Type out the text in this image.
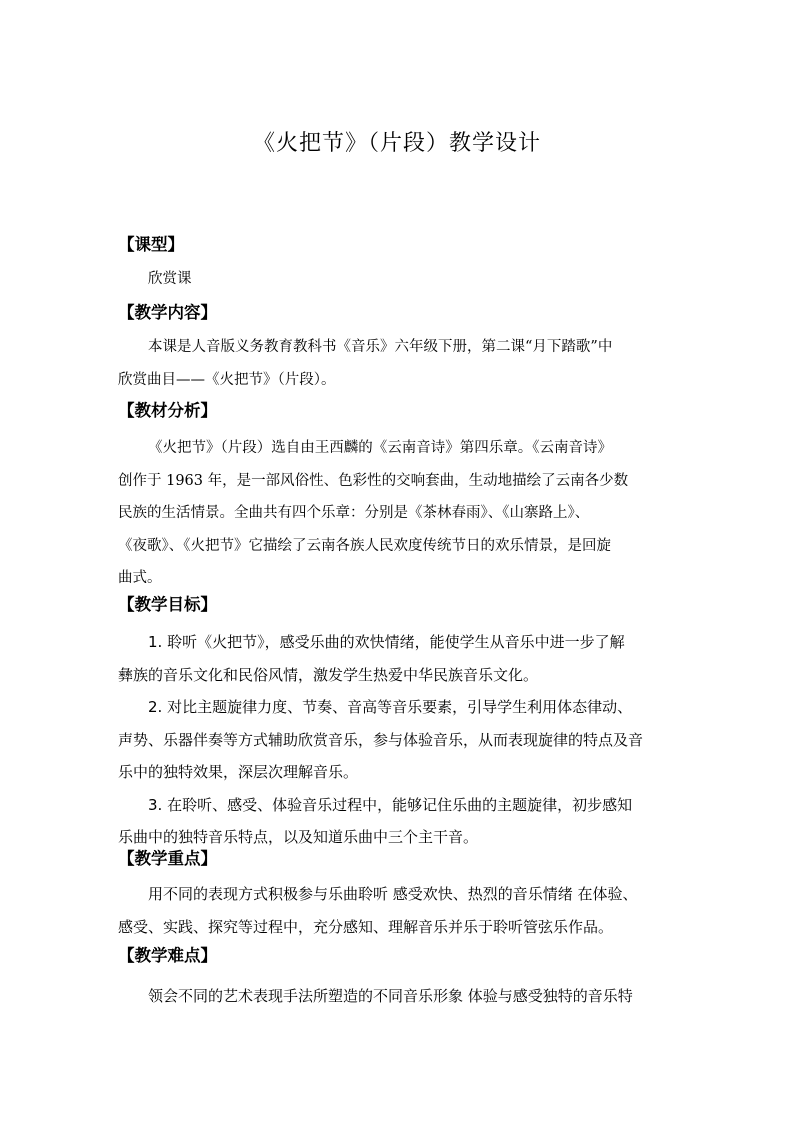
《火把节》（片段）教学设计
【课型】
欣赏课
【教学内容】
本课是人音版义务教育教科书《音乐》六年级下册，第二课“月下踏歌”中
欣赏曲目——《火把节》（片段）。
【教材分析】
《火把节》（片段）选自由王西麟的《云南音诗》第四乐章。《云南音诗》
创作于 1963 年，是一部风俗性、色彩性的交响套曲，生动地描绘了云南各少数
民族的生活情景。全曲共有四个乐章：分别是《茶林春雨》、《山寨路上》、
《夜歌》、《火把节》它描绘了云南各族人民欢度传统节日的欢乐情景，是回旋
曲式。
【教学目标】
1. 聆听《火把节》，感受乐曲的欢快情绪，能使学生从音乐中进一步了解
彝族的音乐文化和民俗风情，激发学生热爱中华民族音乐文化。
2. 对比主题旋律力度、节奏、音高等音乐要素，引导学生利用体态律动、
声势、乐器伴奏等方式辅助欣赏音乐，参与体验音乐，从而表现旋律的特点及音
乐中的独特效果，深层次理解音乐。
3. 在聆听、感受、体验音乐过程中，能够记住乐曲的主题旋律，初步感知
乐曲中的独特音乐特点，以及知道乐曲中三个主干音。
【教学重点】
用不同的表现方式积极参与乐曲聆听 感受欢快、热烈的音乐情绪 在体验、
感受、实践、探究等过程中，充分感知、理解音乐并乐于聆听管弦乐作品。
【教学难点】
领会不同的艺术表现手法所塑造的不同音乐形象 体验与感受独特的音乐特
